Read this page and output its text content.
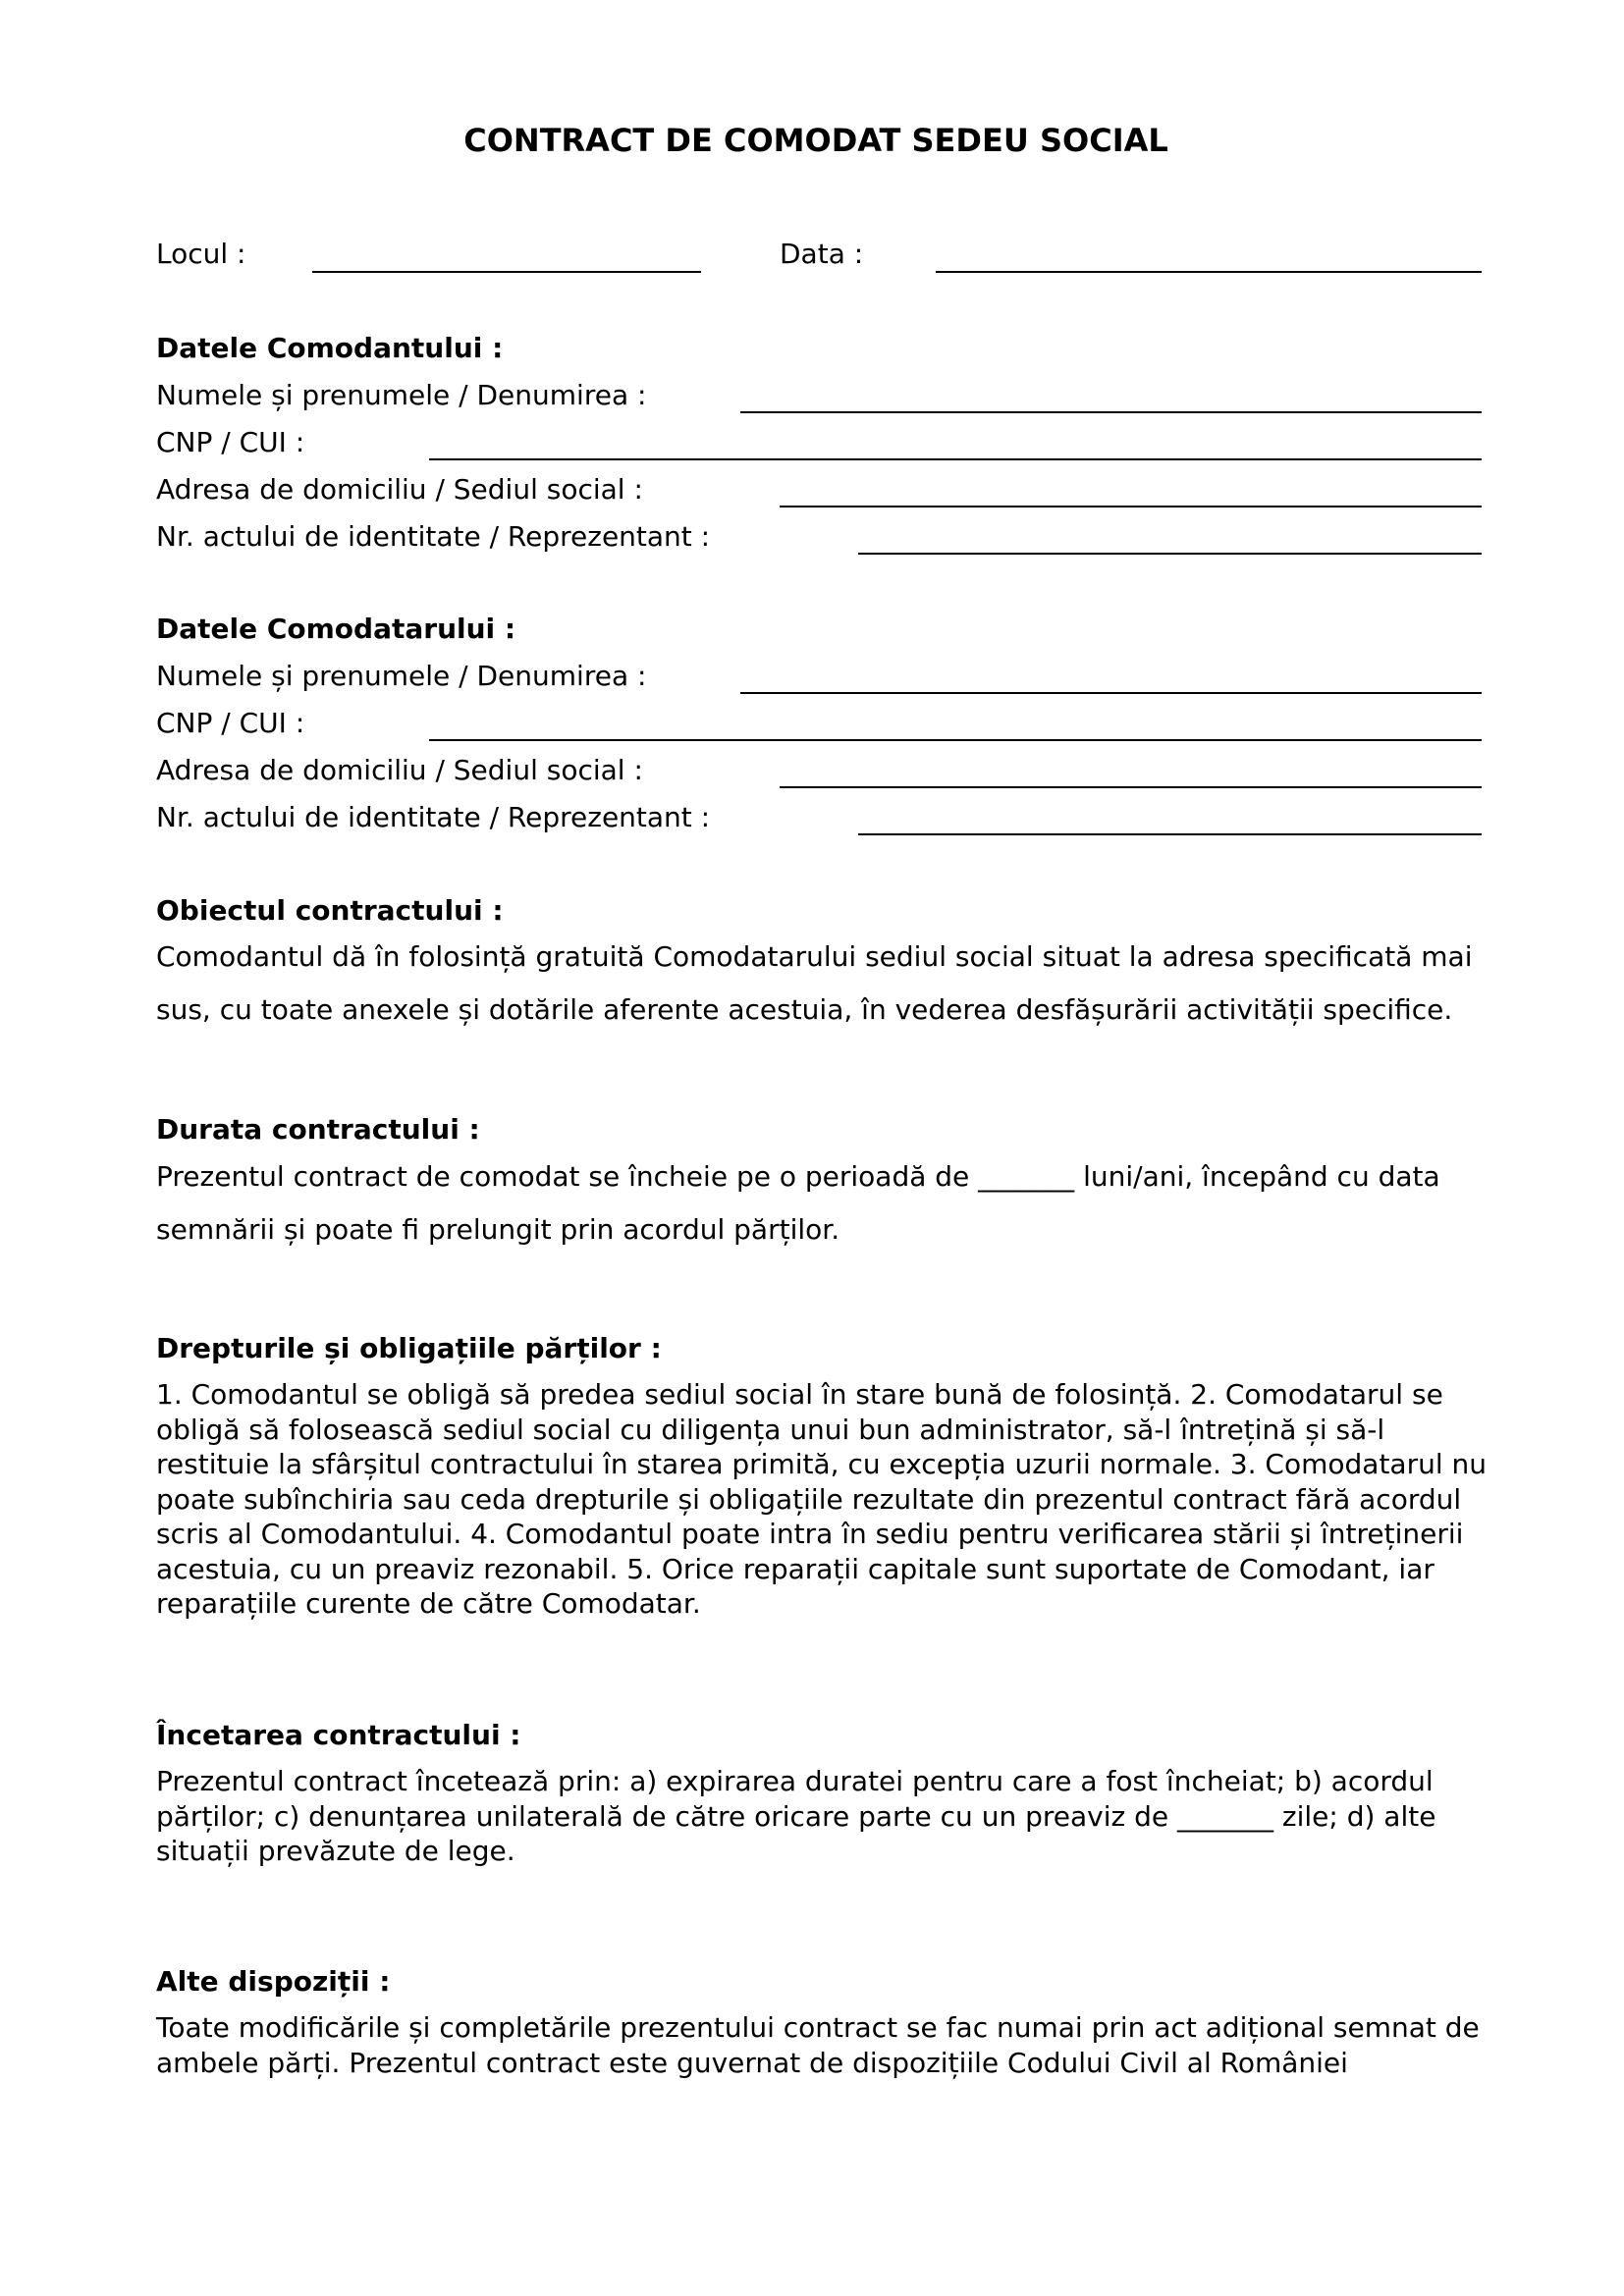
CONTRACT DE COMODAT SEDEU SOCIAL
Locul :	Data :
Datele Comodantului :
Numele și prenumele / Denumirea :
CNP / CUI :
Adresa de domiciliu / Sediul social :
Nr. actului de identitate / Reprezentant :
Datele Comodatarului :
Numele și prenumele / Denumirea :
CNP / CUI :
Adresa de domiciliu / Sediul social :
Nr. actului de identitate / Reprezentant :
Obiectul contractului :
Comodantul dă în folosință gratuită Comodatarului sediul social situat la adresa specificată mai sus, cu toate anexele și dotările aferente acestuia, în vederea desfășurării activității specifice.
Durata contractului :
Prezentul contract de comodat se încheie pe o perioadă de _______ luni/ani, începând cu data semnării și poate fi prelungit prin acordul părților.
Drepturile și obligațiile părților :
1. Comodantul se obligă să predea sediul social în stare bună de folosință. 2. Comodatarul se obligă să folosească sediul social cu diligența unui bun administrator, să-l întrețină și să-l restituie la sfârșitul contractului în starea primită, cu excepția uzurii normale. 3. Comodatarul nu poate subînchiria sau ceda drepturile și obligațiile rezultate din prezentul contract fără acordul scris al Comodantului. 4. Comodantul poate intra în sediu pentru verificarea stării și întreținerii acestuia, cu un preaviz rezonabil. 5. Orice reparații capitale sunt suportate de Comodant, iar reparațiile curente de către Comodatar.
Încetarea contractului :
Prezentul contract încetează prin: a) expirarea duratei pentru care a fost încheiat; b) acordul părților; c) denunțarea unilaterală de către oricare parte cu un preaviz de _______ zile; d) alte situații prevăzute de lege.
Alte dispoziții :
Toate modificările și completările prezentului contract se fac numai prin act adițional semnat de ambele părți. Prezentul contract este guvernat de dispozițiile Codului Civil al României
